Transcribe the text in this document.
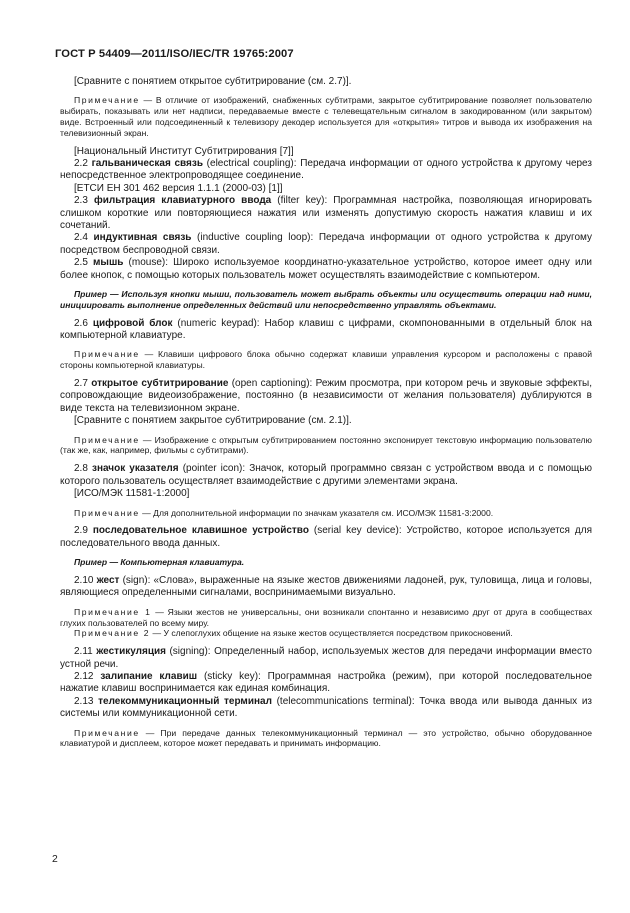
ГОСТ Р 54409—2011/ISO/IEC/TR 19765:2007

[Сравните с понятием открытое субтитрирование (см. 2.7)].

Примечание — В отличие от изображений, снабженных субтитрами, закрытое субтитрирование позволяет пользователю выбирать, показывать или нет надписи, передаваемые вместе с телевещательным сигналом в закодированном (или закрытом) виде. Встроенный или подсоединенный к телевизору декодер используется для «открытия» титров и вывода их изображения на телевизионный экран.

[Национальный Институт Субтитрирования [7]]

2.2 гальваническая связь (electrical coupling): Передача информации от одного устройства к другому через непосредственное электропроводящее соединение.

[ЕТСИ ЕН 301 462 версия 1.1.1 (2000-03) [1]]

2.3 фильтрация клавиатурного ввода (filter key): Программная настройка, позволяющая игнорировать слишком короткие или повторяющиеся нажатия или изменять допустимую скорость нажатия клавиш и их сочетаний.

2.4 индуктивная связь (inductive coupling loop): Передача информации от одного устройства к другому посредством беспроводной связи.

2.5 мышь (mouse): Широко используемое координатно-указательное устройство, которое имеет одну или более кнопок, с помощью которых пользователь может осуществлять взаимодействие с компьютером.

Пример — Используя кнопки мыши, пользователь может выбрать объекты или осуществить операции над ними, инициировать выполнение определенных действий или непосредственно управлять объектами.

2.6 цифровой блок (numeric keypad): Набор клавиш с цифрами, скомпонованными в отдельный блок на компьютерной клавиатуре.

Примечание — Клавиши цифрового блока обычно содержат клавиши управления курсором и расположены с правой стороны компьютерной клавиатуры.

2.7 открытое субтитрирование (open captioning): Режим просмотра, при котором речь и звуковые эффекты, сопровождающие видеоизображение, постоянно (в независимости от желания пользователя) дублируются в виде текста на телевизионном экране.

[Сравните с понятием закрытое субтитрирование (см. 2.1)].

Примечание — Изображение с открытым субтитрированием постоянно экспонирует текстовую информацию пользователю (так же, как, например, фильмы с субтитрами).

2.8 значок указателя (pointer icon): Значок, который программно связан с устройством ввода и с помощью которого пользователь осуществляет взаимодействие с другими элементами экрана.

[ИСО/МЭК 11581-1:2000]

Примечание — Для дополнительной информации по значкам указателя см. ИСО/МЭК 11581-3:2000.

2.9 последовательное клавишное устройство (serial key device): Устройство, которое используется для последовательного ввода данных.

Пример — Компьютерная клавиатура.

2.10 жест (sign): «Слова», выраженные на языке жестов движениями ладоней, рук, туловища, лица и головы, являющиеся определенными сигналами, воспринимаемыми визуально.

Примечание 1 — Языки жестов не универсальны, они возникали спонтанно и независимо друг от друга в сообществах глухих пользователей по всему миру.

Примечание 2 — У слепоглухих общение на языке жестов осуществляется посредством прикосновений.

2.11 жестикуляция (signing): Определенный набор, используемых жестов для передачи информации вместо устной речи.

2.12 залипание клавиш (sticky key): Программная настройка (режим), при которой последовательное нажатие клавиш воспринимается как единая комбинация.

2.13 телекоммуникационный терминал (telecommunications terminal): Точка ввода или вывода данных из системы или коммуникационной сети.

Примечание — При передаче данных телекоммуникационный терминал — это устройство, обычно оборудованное клавиатурой и дисплеем, которое может передавать и принимать информацию.

2
